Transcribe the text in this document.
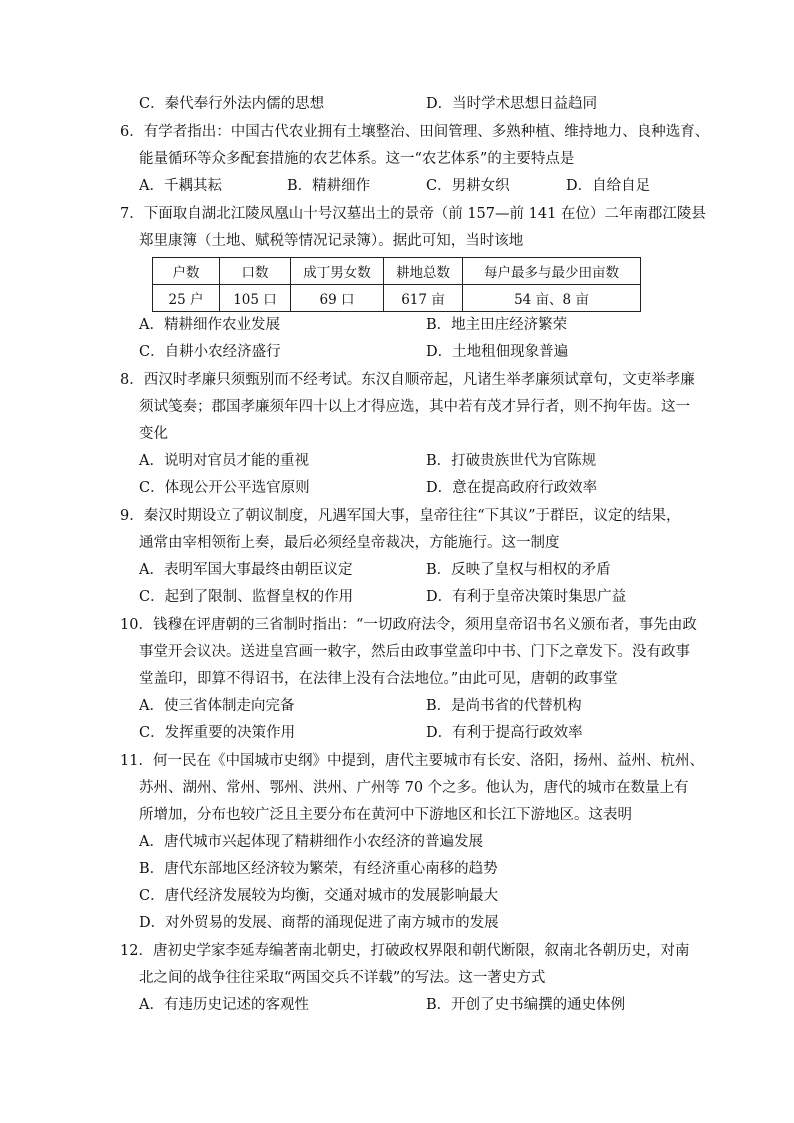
C．秦代奉行外法内儒的思想	D．当时学术思想日益趋同
6．有学者指出：中国古代农业拥有土壤整治、田间管理、多熟种植、维持地力、良种选育、
能量循环等众多配套措施的农艺体系。这一“农艺体系”的主要特点是
A．千耦其耘	B．精耕细作	C．男耕女织	D．自给自足
7．下面取自湖北江陵凤凰山十号汉墓出土的景帝（前 157—前 141 在位）二年南郡江陵县
郑里康簿（土地、赋税等情况记录簿）。据此可知，当时该地
户数	口数	成丁男女数	耕地总数	每户最多与最少田亩数
25 户	105 口	69 口	617 亩	54 亩、8 亩
A．精耕细作农业发展	B．地主田庄经济繁荣
C．自耕小农经济盛行	D．土地租佃现象普遍
8．西汉时孝廉只须甄别而不经考试。东汉自顺帝起，凡诸生举孝廉须试章句，文吏举孝廉
须试笺奏；郡国孝廉须年四十以上才得应选，其中若有茂才异行者，则不拘年齿。这一
变化
A．说明对官员才能的重视	B．打破贵族世代为官陈规
C．体现公开公平选官原则	D．意在提高政府行政效率
9．秦汉时期设立了朝议制度，凡遇军国大事，皇帝往往“下其议”于群臣，议定的结果，
通常由宰相领衔上奏，最后必须经皇帝裁决，方能施行。这一制度
A．表明军国大事最终由朝臣议定	B．反映了皇权与相权的矛盾
C．起到了限制、监督皇权的作用	D．有利于皇帝决策时集思广益
10．钱穆在评唐朝的三省制时指出：“一切政府法令，须用皇帝诏书名义颁布者，事先由政
事堂开会议决。送进皇宫画一敕字，然后由政事堂盖印中书、门下之章发下。没有政事
堂盖印，即算不得诏书，在法律上没有合法地位。”由此可见，唐朝的政事堂
A．使三省体制走向完备	B．是尚书省的代替机构
C．发挥重要的决策作用	D．有利于提高行政效率
11．何一民在《中国城市史纲》中提到，唐代主要城市有长安、洛阳，扬州、益州、杭州、
苏州、湖州、常州、鄂州、洪州、广州等 70 个之多。他认为，唐代的城市在数量上有
所增加，分布也较广泛且主要分布在黄河中下游地区和长江下游地区。这表明
A．唐代城市兴起体现了精耕细作小农经济的普遍发展
B．唐代东部地区经济较为繁荣，有经济重心南移的趋势
C．唐代经济发展较为均衡，交通对城市的发展影响最大
D．对外贸易的发展、商帮的涌现促进了南方城市的发展
12．唐初史学家李延寿编著南北朝史，打破政权界限和朝代断限，叙南北各朝历史，对南
北之间的战争往往采取“两国交兵不详载”的写法。这一著史方式
A．有违历史记述的客观性	B．开创了史书编撰的通史体例
